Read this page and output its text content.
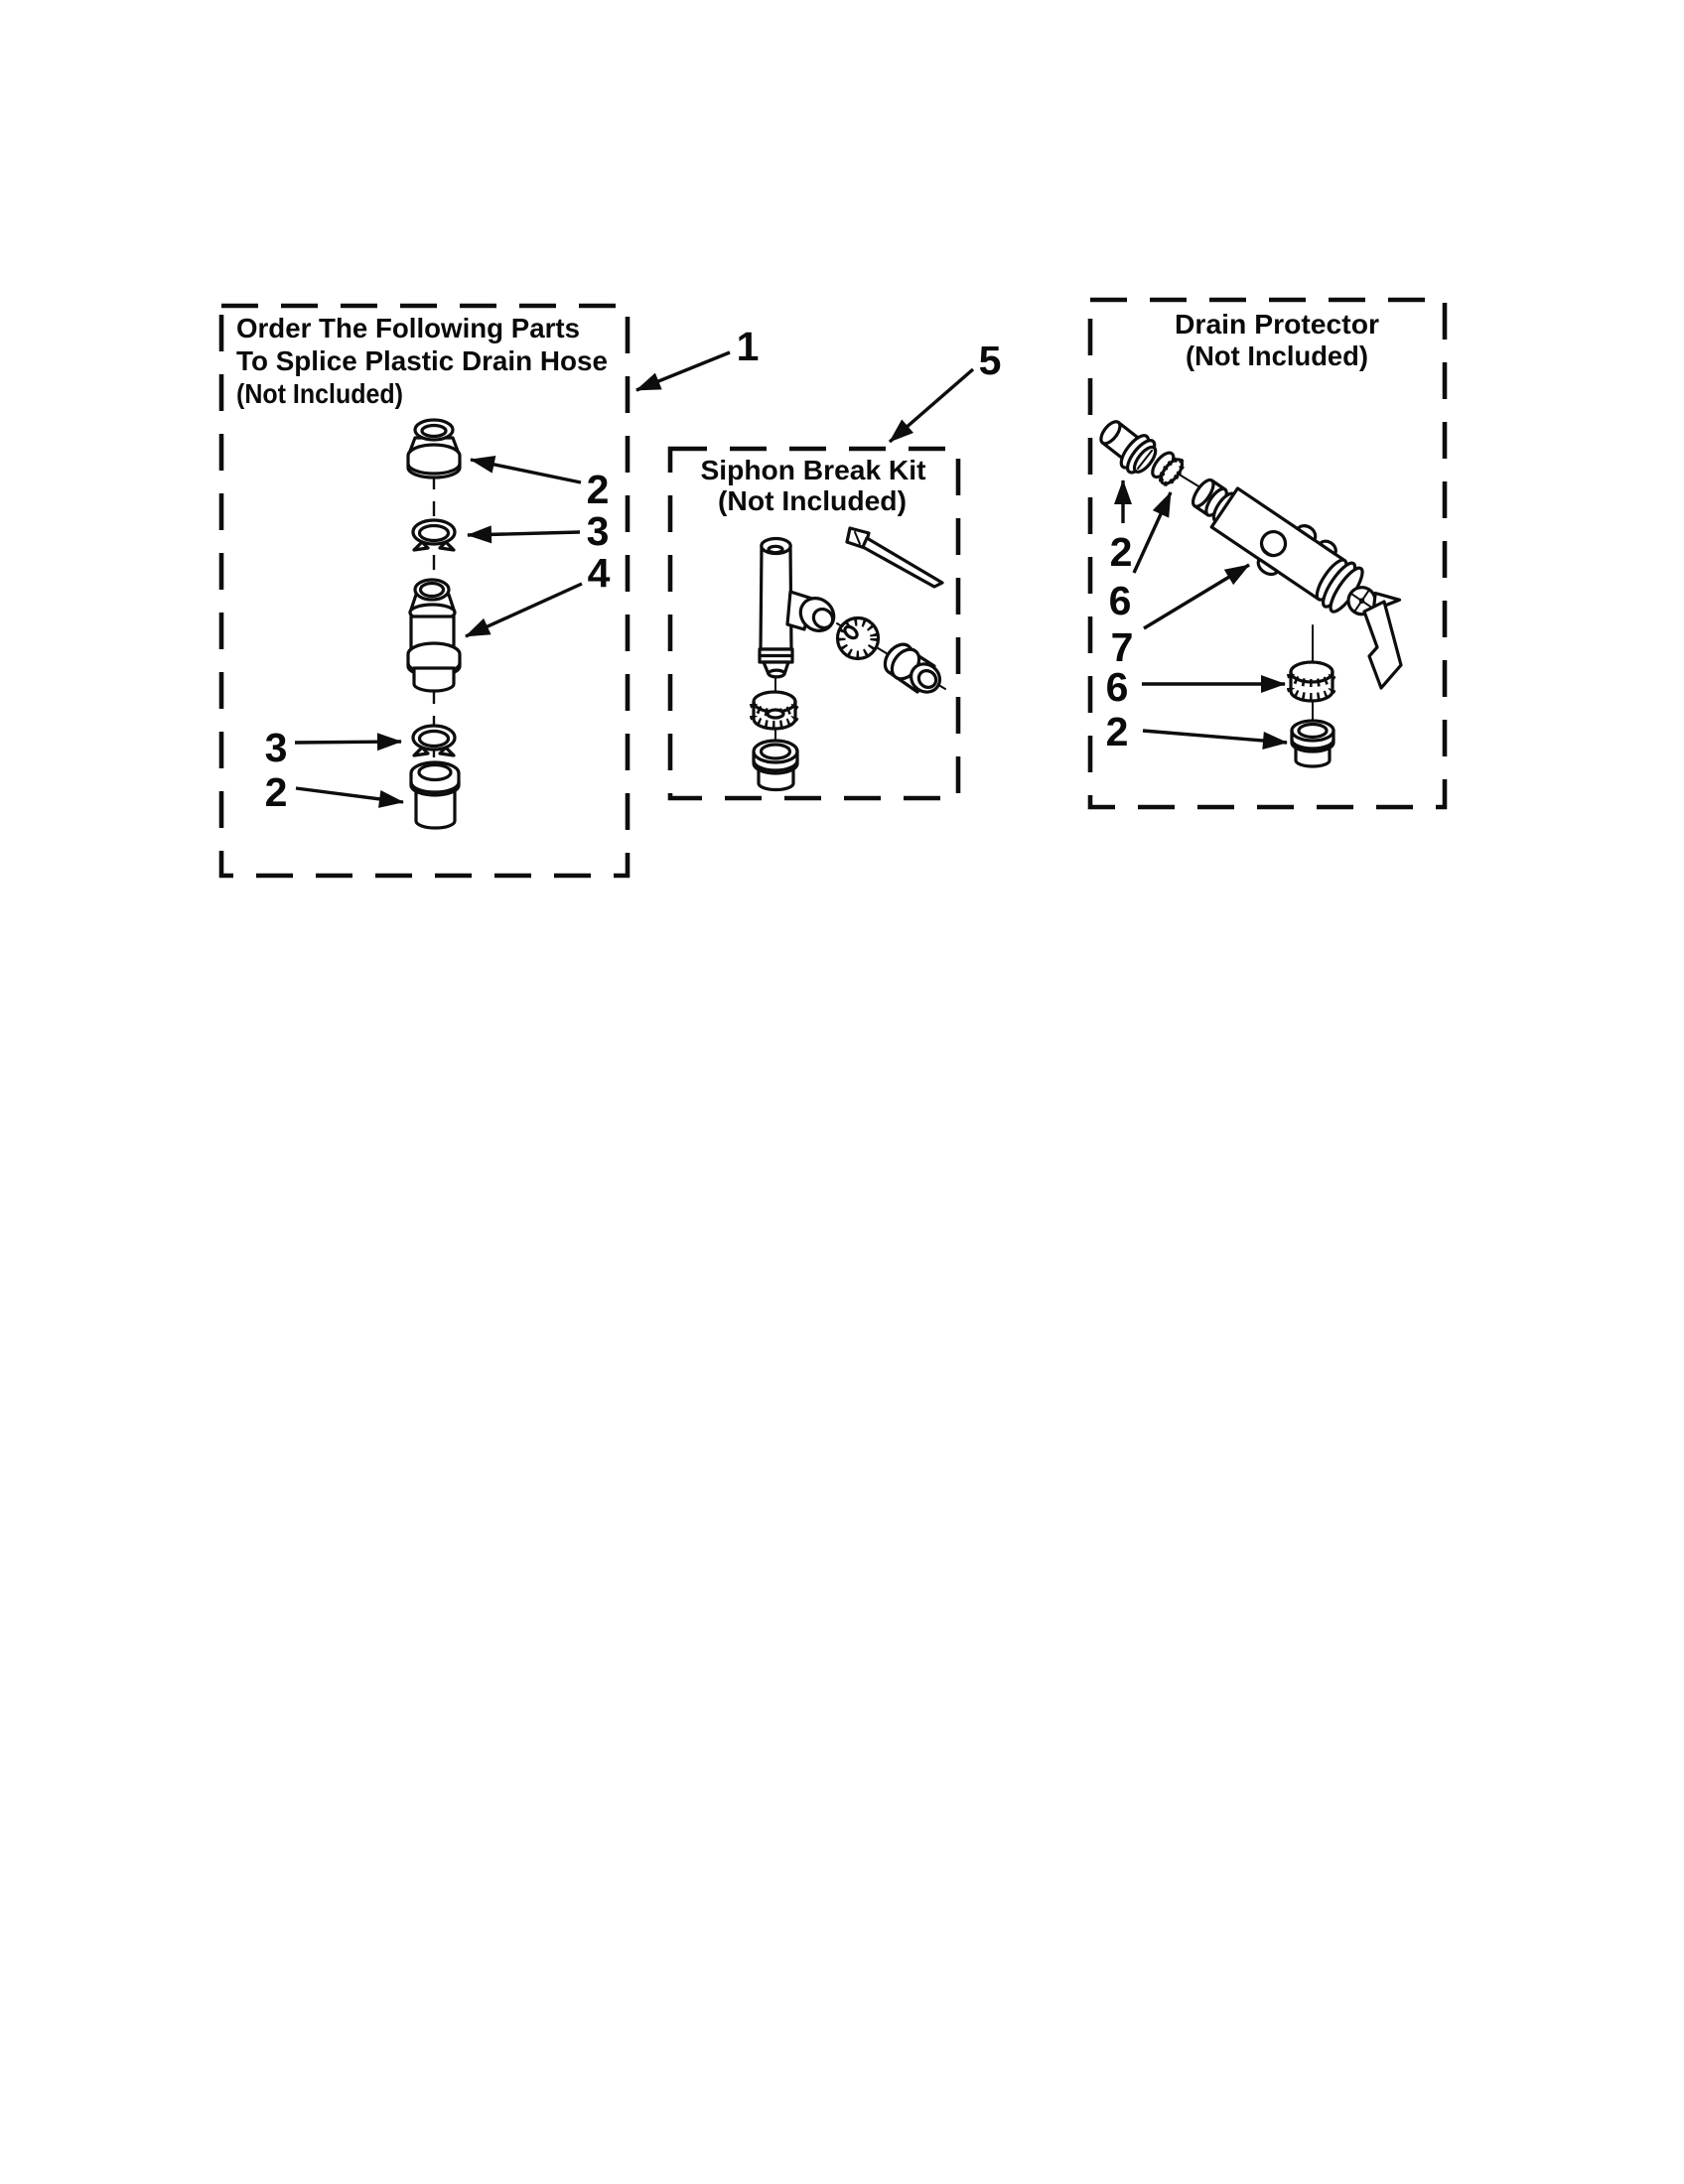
Order The Following Parts
To Splice Plastic Drain Hose
(Not Included)
Siphon Break Kit
(Not Included)
Drain Protector
(Not Included)
1	5
2
3
4
3
2
2
6
7
6
2
